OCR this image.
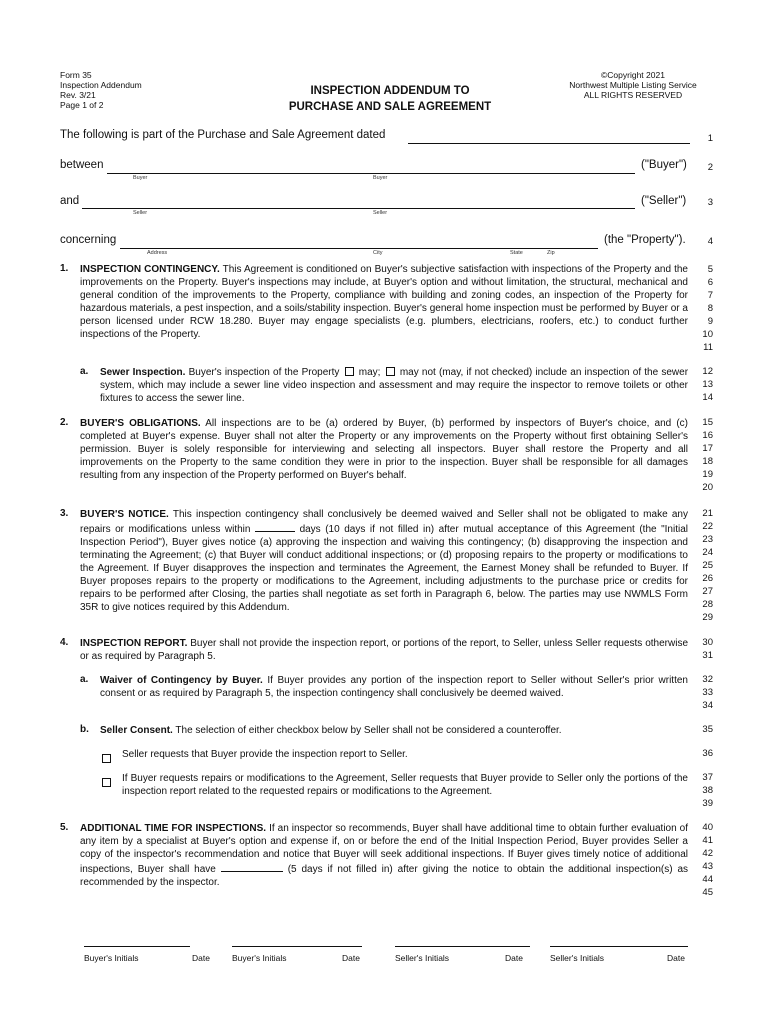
Form 35
Inspection Addendum
Rev. 3/21
Page 1 of 2
INSPECTION ADDENDUM TO
PURCHASE AND SALE AGREEMENT
©Copyright 2021
Northwest Multiple Listing Service
ALL RIGHTS RESERVED
The following is part of the Purchase and Sale Agreement dated
between	("Buyer")
Buyer	Buyer
and	("Seller")
Seller	Seller
concerning	(the "Property").
Address	City	State	Zip
1
2
3
4
5
6
7
8
9
10
11
12
13
14
15
16
17
18
19
20
21
22
23
24
25
26
27
28
29
30
31
32
33
34
35
36
37
38
39
40
41
42
43
44
45
1. INSPECTION CONTINGENCY. This Agreement is conditioned on Buyer's subjective satisfaction with inspections of the Property and the improvements on the Property. Buyer's inspections may include, at Buyer's option and without limitation, the structural, mechanical and general condition of the improvements to the Property, compliance with building and zoning codes, an inspection of the Property for hazardous materials, a pest inspection, and a soils/stability inspection. Buyer's general home inspection must be performed by Buyer or a person licensed under RCW 18.280. Buyer may engage specialists (e.g. plumbers, electricians, roofers, etc.) to conduct further inspections of the Property.
a. Sewer Inspection. Buyer's inspection of the Property may; may not (may, if not checked) include an inspection of the sewer system, which may include a sewer line video inspection and assessment and may require the inspector to remove toilets or other fixtures to access the sewer line.
2. BUYER'S OBLIGATIONS. All inspections are to be (a) ordered by Buyer, (b) performed by inspectors of Buyer's choice, and (c) completed at Buyer's expense. Buyer shall not alter the Property or any improvements on the Property without first obtaining Seller's permission. Buyer is solely responsible for interviewing and selecting all inspectors. Buyer shall restore the Property and all improvements on the Property to the same condition they were in prior to the inspection. Buyer shall be responsible for all damages resulting from any inspection of the Property performed on Buyer's behalf.
3. BUYER'S NOTICE. This inspection contingency shall conclusively be deemed waived and Seller shall not be obligated to make any repairs or modifications unless within	days (10 days if not filled in) after mutual acceptance of this Agreement (the "Initial Inspection Period"), Buyer gives notice (a) approving the inspection and waiving this contingency; (b) disapproving the inspection and terminating the Agreement; (c) that Buyer will conduct additional inspections; or (d) proposing repairs to the property or modifications to the Agreement. If Buyer disapproves the inspection and terminates the Agreement, the Earnest Money shall be refunded to Buyer. If Buyer proposes repairs to the property or modifications to the Agreement, including adjustments to the purchase price or credits for repairs to be performed after Closing, the parties shall negotiate as set forth in Paragraph 6, below. The parties may use NWMLS Form 35R to give notices required by this Addendum.
4. INSPECTION REPORT. Buyer shall not provide the inspection report, or portions of the report, to Seller, unless Seller requests otherwise or as required by Paragraph 5.
a. Waiver of Contingency by Buyer. If Buyer provides any portion of the inspection report to Seller without Seller's prior written consent or as required by Paragraph 5, the inspection contingency shall conclusively be deemed waived.
b. Seller Consent. The selection of either checkbox below by Seller shall not be considered a counteroffer.
Seller requests that Buyer provide the inspection report to Seller.
If Buyer requests repairs or modifications to the Agreement, Seller requests that Buyer provide to Seller only the portions of the inspection report related to the requested repairs or modifications to the Agreement.
5. ADDITIONAL TIME FOR INSPECTIONS. If an inspector so recommends, Buyer shall have additional time to obtain further evaluation of any item by a specialist at Buyer's option and expense if, on or before the end of the Initial Inspection Period, Buyer provides Seller a copy of the inspector's recommendation and notice that Buyer will seek additional inspections. If Buyer gives timely notice of additional inspections, Buyer shall have	(5 days if not filled in) after giving the notice to obtain the additional inspection(s) as recommended by the inspector.
Buyer's Initials	Date	Buyer's Initials	Date	Seller's Initials	Date	Seller's Initials	Date
